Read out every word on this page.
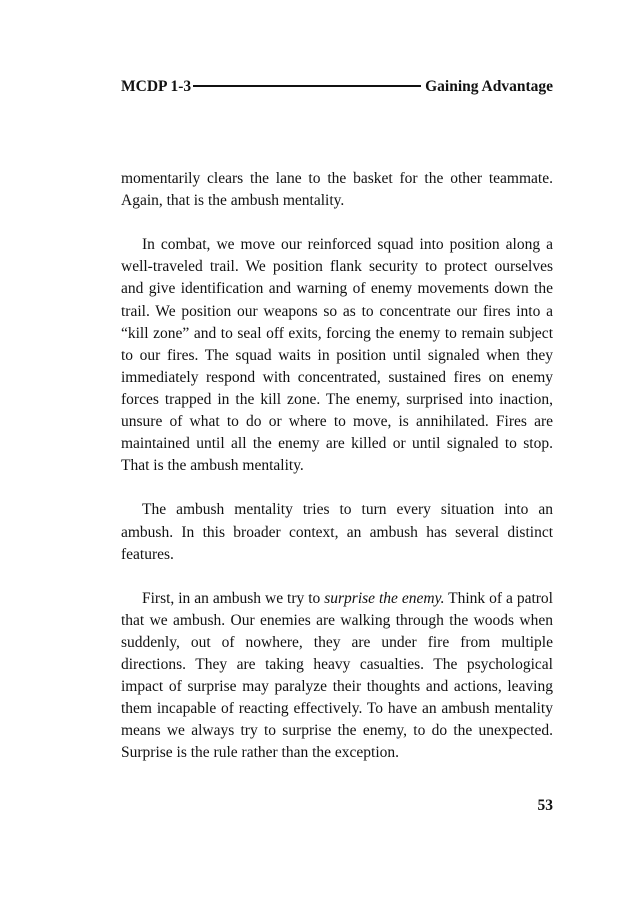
MCDP 1-3	Gaining Advantage

momentarily clears the lane to the basket for the other teammate. Again, that is the ambush mentality.

In combat, we move our reinforced squad into position along a well-traveled trail. We position flank security to protect ourselves and give identification and warning of enemy movements down the trail. We position our weapons so as to concentrate our fires into a “kill zone” and to seal off exits, forcing the enemy to remain subject to our fires. The squad waits in position until signaled when they immediately respond with concentrated, sustained fires on enemy forces trapped in the kill zone. The enemy, surprised into inaction, unsure of what to do or where to move, is annihilated. Fires are maintained until all the enemy are killed or until signaled to stop. That is the ambush mentality.

The ambush mentality tries to turn every situation into an ambush. In this broader context, an ambush has several distinct features.

First, in an ambush we try to surprise the enemy. Think of a patrol that we ambush. Our enemies are walking through the woods when suddenly, out of nowhere, they are under fire from multiple directions. They are taking heavy casualties. The psychological impact of surprise may paralyze their thoughts and actions, leaving them incapable of reacting effectively. To have an ambush mentality means we always try to surprise the enemy, to do the unexpected. Surprise is the rule rather than the exception.

53
